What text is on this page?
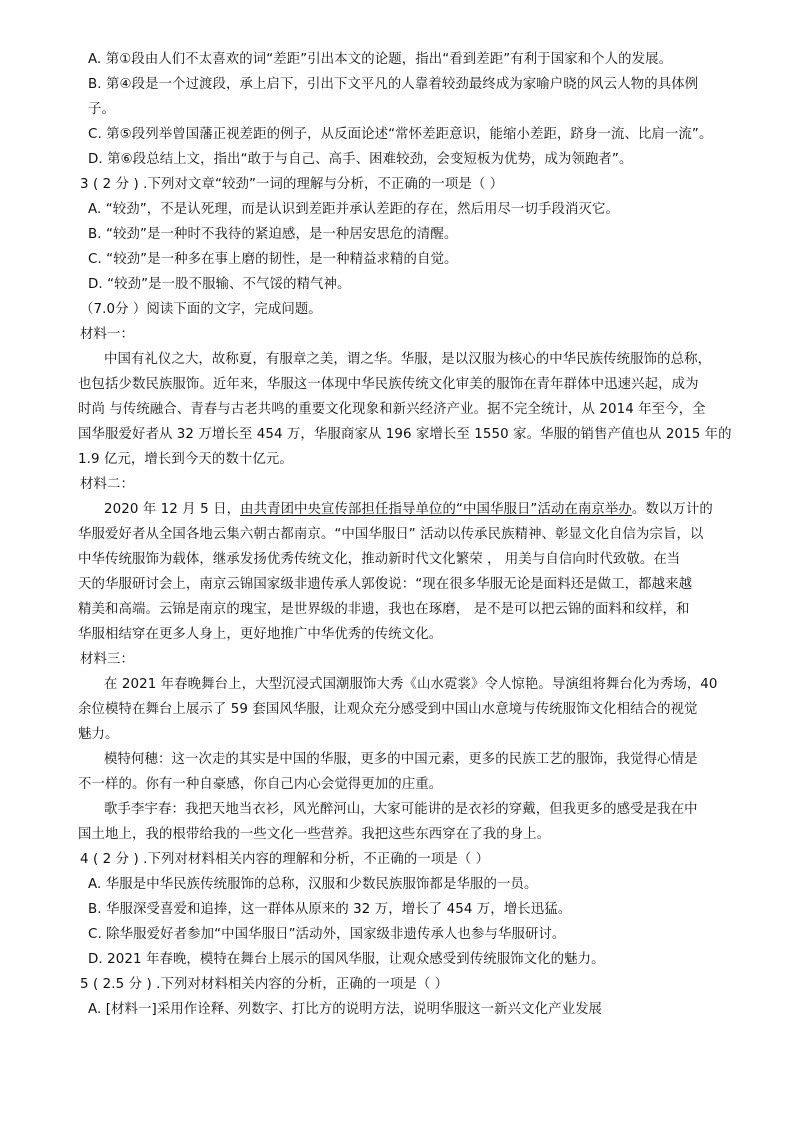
A. 第①段由人们不太喜欢的词“差距”引出本文的论题，指出“看到差距”有利于国家和个人的发展。
B. 第④段是一个过渡段，承上启下，引出下文平凡的人靠着较劲最终成为家喻户晓的风云人物的具体例
子。
C. 第⑤段列举曾国藩正视差距的例子，从反面论述“常怀差距意识，能缩小差距，跻身一流、比肩一流”。
D. 第⑥段总结上文，指出“敢于与自己、高手、困难较劲，会变短板为优势，成为领跑者”。
3 ( 2 分 ) .下列对文章“较劲”一词的理解与分析，不正确的一项是（ ）
A. “较劲”，不是认死理，而是认识到差距并承认差距的存在，然后用尽一切手段消灭它。
B. “较劲”是一种时不我待的紧迫感，是一种居安思危的清醒。
C. “较劲”是一种多在事上磨的韧性，是一种精益求精的自觉。
D. “较劲”是一股不服输、不气馁的精气神。
（7.0分 ）阅读下面的文字，完成问题。
材料一：
中国有礼仪之大，故称夏，有服章之美，谓之华。华服，是以汉服为核心的中华民族传统服饰的总称，
也包括少数民族服饰。近年来，华服这一体现中华民族传统文化审美的服饰在青年群体中迅速兴起，成为
时尚 与传统融合、青春与古老共鸣的重要文化现象和新兴经济产业。据不完全统计，从 2014 年至今，全
国华服爱好者从 32 万增长至 454 万，华服商家从 196 家增长至 1550 家。华服的销售产值也从 2015 年的
1.9 亿元，增长到今天的数十亿元。
材料二：
2020 年 12 月 5 日，由共青团中央宣传部担任指导单位的“中国华服日”活动在南京举办。数以万计的
华服爱好者从全国各地云集六朝古都南京。“中国华服日” 活动以传承民族精神、彰显文化自信为宗旨，以
中华传统服饰为载体，继承发扬优秀传统文化，推动新时代文化繁荣 ， 用美与自信向时代致敬。在当
天的华服研讨会上，南京云锦国家级非遗传承人郭俊说：“现在很多华服无论是面料还是做工，都越来越
精美和高端。云锦是南京的瑰宝，是世界级的非遗，我也在琢磨， 是不是可以把云锦的面料和纹样，和
华服相结穿在更多人身上，更好地推广中华优秀的传统文化。
材料三：
在 2021 年春晚舞台上，大型沉浸式国潮服饰大秀《山水霓裳》令人惊艳。导演组将舞台化为秀场，40
余位模特在舞台上展示了 59 套国风华服，让观众充分感受到中国山水意境与传统服饰文化相结合的视觉
魅力。
模特何穗：这一次走的其实是中国的华服，更多的中国元素，更多的民族工艺的服饰，我觉得心情是
不一样的。你有一种自豪感，你自己内心会觉得更加的庄重。
歌手李宇春：我把天地当衣衫，风光醉河山，大家可能讲的是衣衫的穿戴，但我更多的感受是我在中
国土地上，我的根带给我的一些文化一些营养。我把这些东西穿在了我的身上。
4 ( 2 分 ) .下列对材料相关内容的理解和分析，不正确的一项是（ ）
A. 华服是中华民族传统服饰的总称，汉服和少数民族服饰都是华服的一员。
B. 华服深受喜爱和追捧，这一群体从原来的 32 万，增长了 454 万，增长迅猛。
C. 除华服爱好者参加“中国华服日”活动外，国家级非遗传承人也参与华服研讨。
D. 2021 年春晚，模特在舞台上展示的国风华服，让观众感受到传统服饰文化的魅力。
5 ( 2.5 分 ) .下列对材料相关内容的分析，正确的一项是（ ）
A. [材料一]采用作诠释、列数字、打比方的说明方法，说明华服这一新兴文化产业发展
